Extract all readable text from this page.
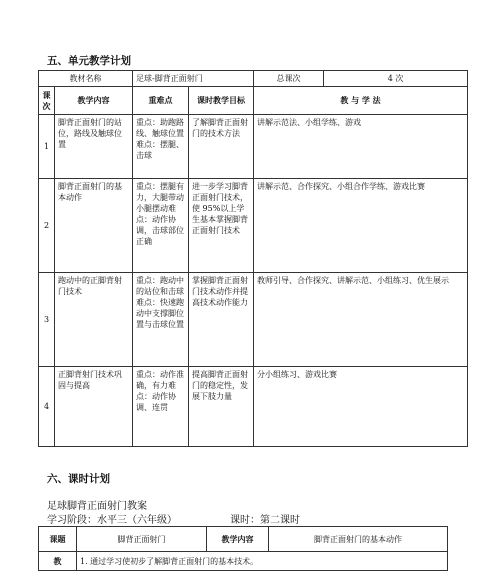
五、单元教学计划
教材名称		足球-脚背正面射门		总课次	4 次
课次	教学内容	重难点	课时教学目标	教 与 学 法	
1	脚背正面射门的站位，路线及触球位置	重点：助跑路线、触球位置难点：摆腿、击球	了解脚背正面射门的技术方法	讲解示范法、小组学练、游戏	
2	脚背正面射门的基本动作	重点：摆腿有力，大腿带动小腿摆动难点：动作协调，击球部位正确	进一步学习脚背正面射门技术，使 95%以上学生基本掌握脚背正面射门技术	讲解示范、合作探究、小组合作学练、游戏比赛	
3	跑动中的正脚背射门技术	重点：跑动中的站位和击球难点：快速跑动中支撑脚位置与击球位置	掌握脚背正面射门技术动作并提高技术动作能力	教师引导、合作探究、讲解示范、小组练习、优生展示	
4	正脚背射门技术巩固与提高	重点：动作准确，有力难点：动作协调、连贯	提高脚背正面射门的稳定性，发展下肢力量	分小组练习、游戏比赛	
六、课时计划
足球脚背正面射门教案
学习阶段：水平三（六年级）	课时：第二课时
课题	脚背正面射门	教学内容	脚背正面射门的基本动作
教	1. 通过学习使初步了解脚背正面射门的基本技术。		
